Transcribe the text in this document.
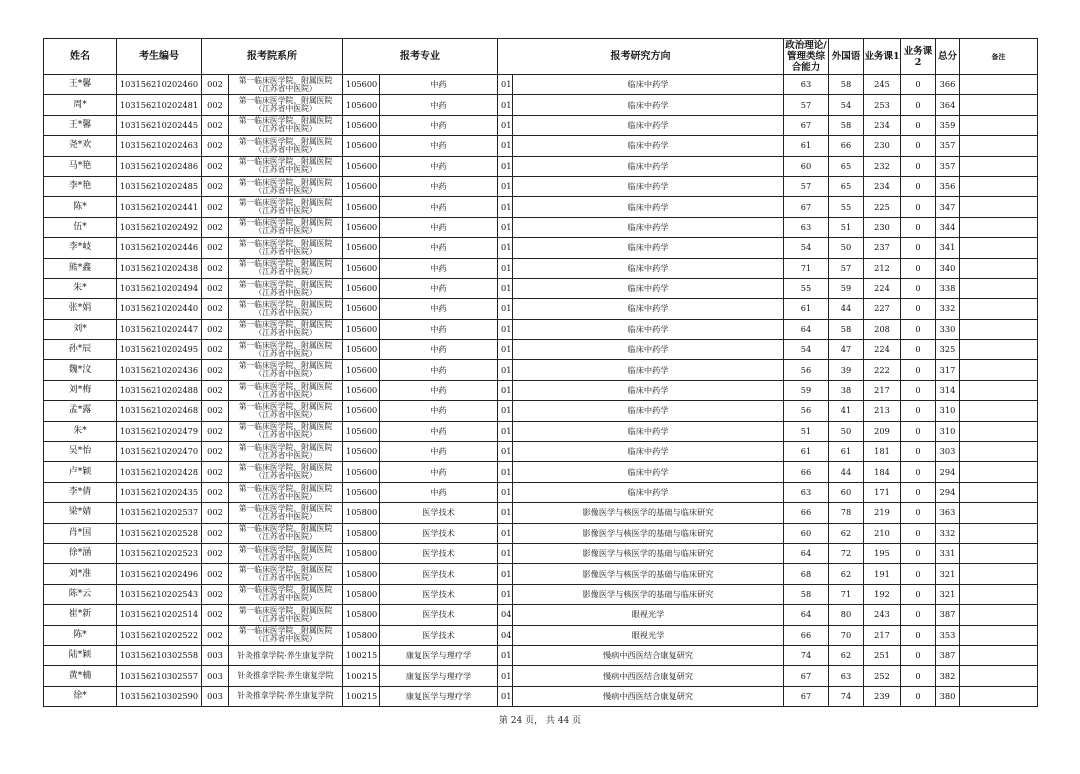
姓名	考生编号	报考院系所		报考专业		报考研究方向		政治理论/管理类综合能力	外国语	业务课1	业务课2	总分	备注
王*馨	103156210202460	002	第一临床医学院、附属医院
（江苏省中医院）	105600	中药	01	临床中药学	63	58	245	0	366	
周*	103156210202481	002	第一临床医学院、附属医院
（江苏省中医院）	105600	中药	01	临床中药学	57	54	253	0	364	
王*馨	103156210202445	002	第一临床医学院、附属医院
（江苏省中医院）	105600	中药	01	临床中药学	67	58	234	0	359	
尧*欢	103156210202463	002	第一临床医学院、附属医院
（江苏省中医院）	105600	中药	01	临床中药学	61	66	230	0	357	
马*艳	103156210202486	002	第一临床医学院、附属医院
（江苏省中医院）	105600	中药	01	临床中药学	60	65	232	0	357	
李*艳	103156210202485	002	第一临床医学院、附属医院
（江苏省中医院）	105600	中药	01	临床中药学	57	65	234	0	356	
陈*	103156210202441	002	第一临床医学院、附属医院
（江苏省中医院）	105600	中药	01	临床中药学	67	55	225	0	347	
伍*	103156210202492	002	第一临床医学院、附属医院
（江苏省中医院）	105600	中药	01	临床中药学	63	51	230	0	344	
李*岐	103156210202446	002	第一临床医学院、附属医院
（江苏省中医院）	105600	中药	01	临床中药学	54	50	237	0	341	
熊*鑫	103156210202438	002	第一临床医学院、附属医院
（江苏省中医院）	105600	中药	01	临床中药学	71	57	212	0	340	
朱*	103156210202494	002	第一临床医学院、附属医院
（江苏省中医院）	105600	中药	01	临床中药学	55	59	224	0	338	
张*娟	103156210202440	002	第一临床医学院、附属医院
（江苏省中医院）	105600	中药	01	临床中药学	61	44	227	0	332	
刘*	103156210202447	002	第一临床医学院、附属医院
（江苏省中医院）	105600	中药	01	临床中药学	64	58	208	0	330	
孙*辰	103156210202495	002	第一临床医学院、附属医院
（江苏省中医院）	105600	中药	01	临床中药学	54	47	224	0	325	
魏*汶	103156210202436	002	第一临床医学院、附属医院
（江苏省中医院）	105600	中药	01	临床中药学	56	39	222	0	317	
刘*梅	103156210202488	002	第一临床医学院、附属医院
（江苏省中医院）	105600	中药	01	临床中药学	59	38	217	0	314	
孟*露	103156210202468	002	第一临床医学院、附属医院
（江苏省中医院）	105600	中药	01	临床中药学	56	41	213	0	310	
朱*	103156210202479	002	第一临床医学院、附属医院
（江苏省中医院）	105600	中药	01	临床中药学	51	50	209	0	310	
吴*怡	103156210202470	002	第一临床医学院、附属医院
（江苏省中医院）	105600	中药	01	临床中药学	61	61	181	0	303	
卢*颖	103156210202428	002	第一临床医学院、附属医院
（江苏省中医院）	105600	中药	01	临床中药学	66	44	184	0	294	
李*倩	103156210202435	002	第一临床医学院、附属医院
（江苏省中医院）	105600	中药	01	临床中药学	63	60	171	0	294	
梁*婧	103156210202537	002	第一临床医学院、附属医院
（江苏省中医院）	105800	医学技术	01	影像医学与核医学的基础与临床研究	66	78	219	0	363	
肖*国	103156210202528	002	第一临床医学院、附属医院
（江苏省中医院）	105800	医学技术	01	影像医学与核医学的基础与临床研究	60	62	210	0	332	
徐*涵	103156210202523	002	第一临床医学院、附属医院
（江苏省中医院）	105800	医学技术	01	影像医学与核医学的基础与临床研究	64	72	195	0	331	
刘*准	103156210202496	002	第一临床医学院、附属医院
（江苏省中医院）	105800	医学技术	01	影像医学与核医学的基础与临床研究	68	62	191	0	321	
陈*云	103156210202543	002	第一临床医学院、附属医院
（江苏省中医院）	105800	医学技术	01	影像医学与核医学的基础与临床研究	58	71	192	0	321	
崔*新	103156210202514	002	第一临床医学院、附属医院
（江苏省中医院）	105800	医学技术	04	眼视光学	64	80	243	0	387	
陈*	103156210202522	002	第一临床医学院、附属医院
（江苏省中医院）	105800	医学技术	04	眼视光学	66	70	217	0	353	
陆*颖	103156210302558	003	针灸推拿学院·养生康复学院	100215	康复医学与理疗学	01	慢病中西医结合康复研究	74	62	251	0	387	
黄*楠	103156210302557	003	针灸推拿学院·养生康复学院	100215	康复医学与理疗学	01	慢病中西医结合康复研究	67	63	252	0	382	
徐*	103156210302590	003	针灸推拿学院·养生康复学院	100215	康复医学与理疗学	01	慢病中西医结合康复研究	67	74	239	0	380	
第 24 页， 共 44 页
